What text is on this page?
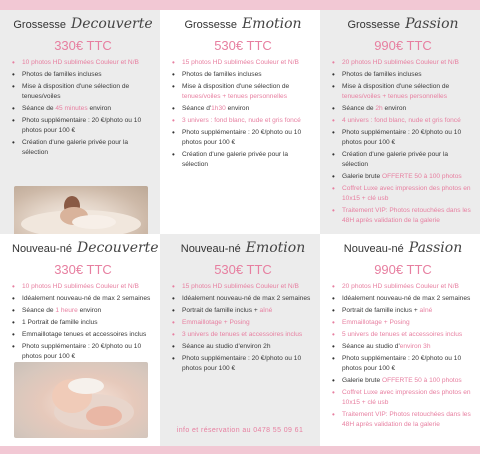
Grossesse Decouverte
330€ TTC
• 10 photos HD sublimées Couleur et N/B
• Photos de familles incluses
• Mise à disposition d'une sélection de tenues/voiles
• Séance de 45 minutes environ
• Photo supplémentaire : 20 €/photo ou 10 photos pour 100 €
• Création d'une galerie privée pour la sélection
Grossesse Emotion
530€ TTC
• 15 photos HD sublimées Couleur et N/B
• Photos de familles incluses
• Mise à disposition d'une sélection de tenues/voiles + tenues personnelles
• Séance d'1h30 environ
• 3 univers : fond blanc, nude et gris foncé
• Photo supplémentaire : 20 €/photo ou 10 photos pour 100 €
• Création d'une galerie privée pour la sélection
Grossesse Passion
990€ TTC
• 20 photos HD sublimées Couleur et N/B
• Photos de familles incluses
• Mise à disposition d'une sélection de tenues/voiles + tenues personnelles
• Séance de 2h environ
• 4 univers : fond blanc, nude et gris foncé
• Photo supplémentaire : 20 €/photo ou 10 photos pour 100 €
• Création d'une galerie privée pour la sélection
• Galerie brute OFFERTE 50 à 100 photos
• Coffret Luxe avec impression des photos en 10x15 + clé usb
• Traitement VIP: Photos retouchées dans les 48H après validation de la galerie
Nouveau-né Decouverte
330€ TTC
• 10 photos HD sublimées Couleur et N/B
• Idéalement nouveau-né de max 2 semaines
• Séance de 1 heure environ
• 1 Portrait de famille inclus
• Emmaillotage tenues et accessoires inclus
• Photo supplémentaire : 20 €/photo ou 10 photos pour 100 €
Nouveau-né Emotion
530€ TTC
• 15 photos HD sublimées Couleur et N/B
• Idéalement nouveau-né de max 2 semaines
• Portrait de famille inclus + aîné
• Emmaillotage + Posing
• 3 univers de tenues et accessoires inclus
• Séance au studio d'environ 2h
• Photo supplémentaire : 20 €/photo ou 10 photos pour 100 €
info et réservation au 0478 55 09 61
Nouveau-né Passion
990€ TTC
• 20 photos HD sublimées Couleur et N/B
• Idéalement nouveau-né de max 2 semaines
• Portrait de famille inclus + aîné
• Emmaillotage + Posing
• 5 univers de tenues et accessoires inclus
• Séance au studio d'environ 3h
• Photo supplémentaire : 20 €/photo ou 10 photos pour 100 €
• Galerie brute OFFERTE 50 à 100 photos
• Coffret Luxe avec impression des photos en 10x15 + clé usb
• Traitement VIP: Photos retouchées dans les 48H après validation de la galerie
